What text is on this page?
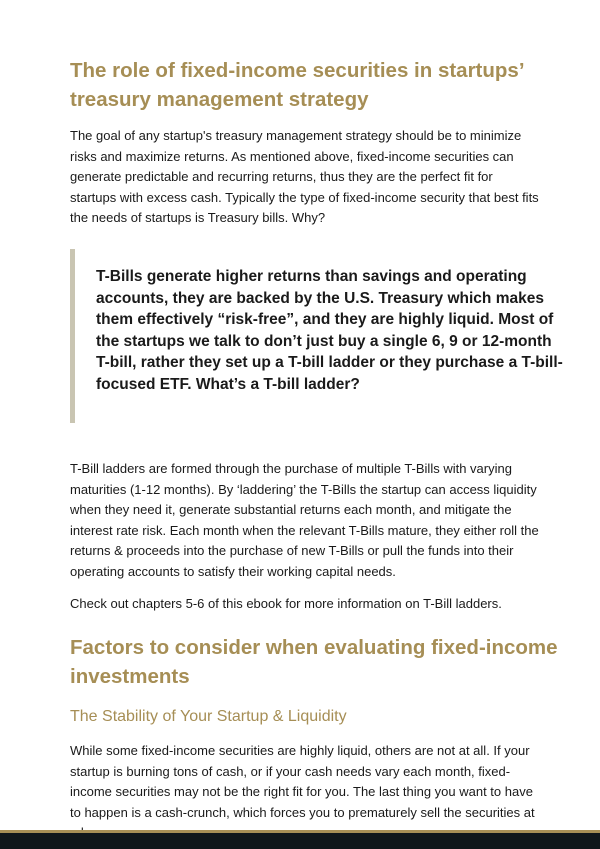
The role of fixed-income securities in startups’ treasury management strategy

The goal of any startup's treasury management strategy should be to minimize risks and maximize returns. As mentioned above, fixed-income securities can generate predictable and recurring returns, thus they are the perfect fit for startups with excess cash. Typically the type of fixed-income security that best fits the needs of startups is Treasury bills. Why?

T-Bills generate higher returns than savings and operating accounts, they are backed by the U.S. Treasury which makes them effectively “risk-free”, and they are highly liquid. Most of the startups we talk to don’t just buy a single 6, 9 or 12-month T-bill, rather they set up a T-bill ladder or they purchase a T-bill-focused ETF. What’s a T-bill ladder?

T-Bill ladders are formed through the purchase of multiple T-Bills with varying maturities (1-12 months). By ‘laddering’ the T-Bills the startup can access liquidity when they need it, generate substantial returns each month, and mitigate the interest rate risk. Each month when the relevant T-Bills mature, they either roll the returns & proceeds into the purchase of new T-Bills or pull the funds into their operating accounts to satisfy their working capital needs.

Check out chapters 5-6 of this ebook for more information on T-Bill ladders.

Factors to consider when evaluating fixed-income investments
The Stability of Your Startup & Liquidity

While some fixed-income securities are highly liquid, others are not at all. If your startup is burning tons of cash, or if your cash needs vary each month, fixed-income securities may not be the right fit for you. The last thing you want to have to happen is a cash-crunch, which forces you to prematurely sell the securities at
